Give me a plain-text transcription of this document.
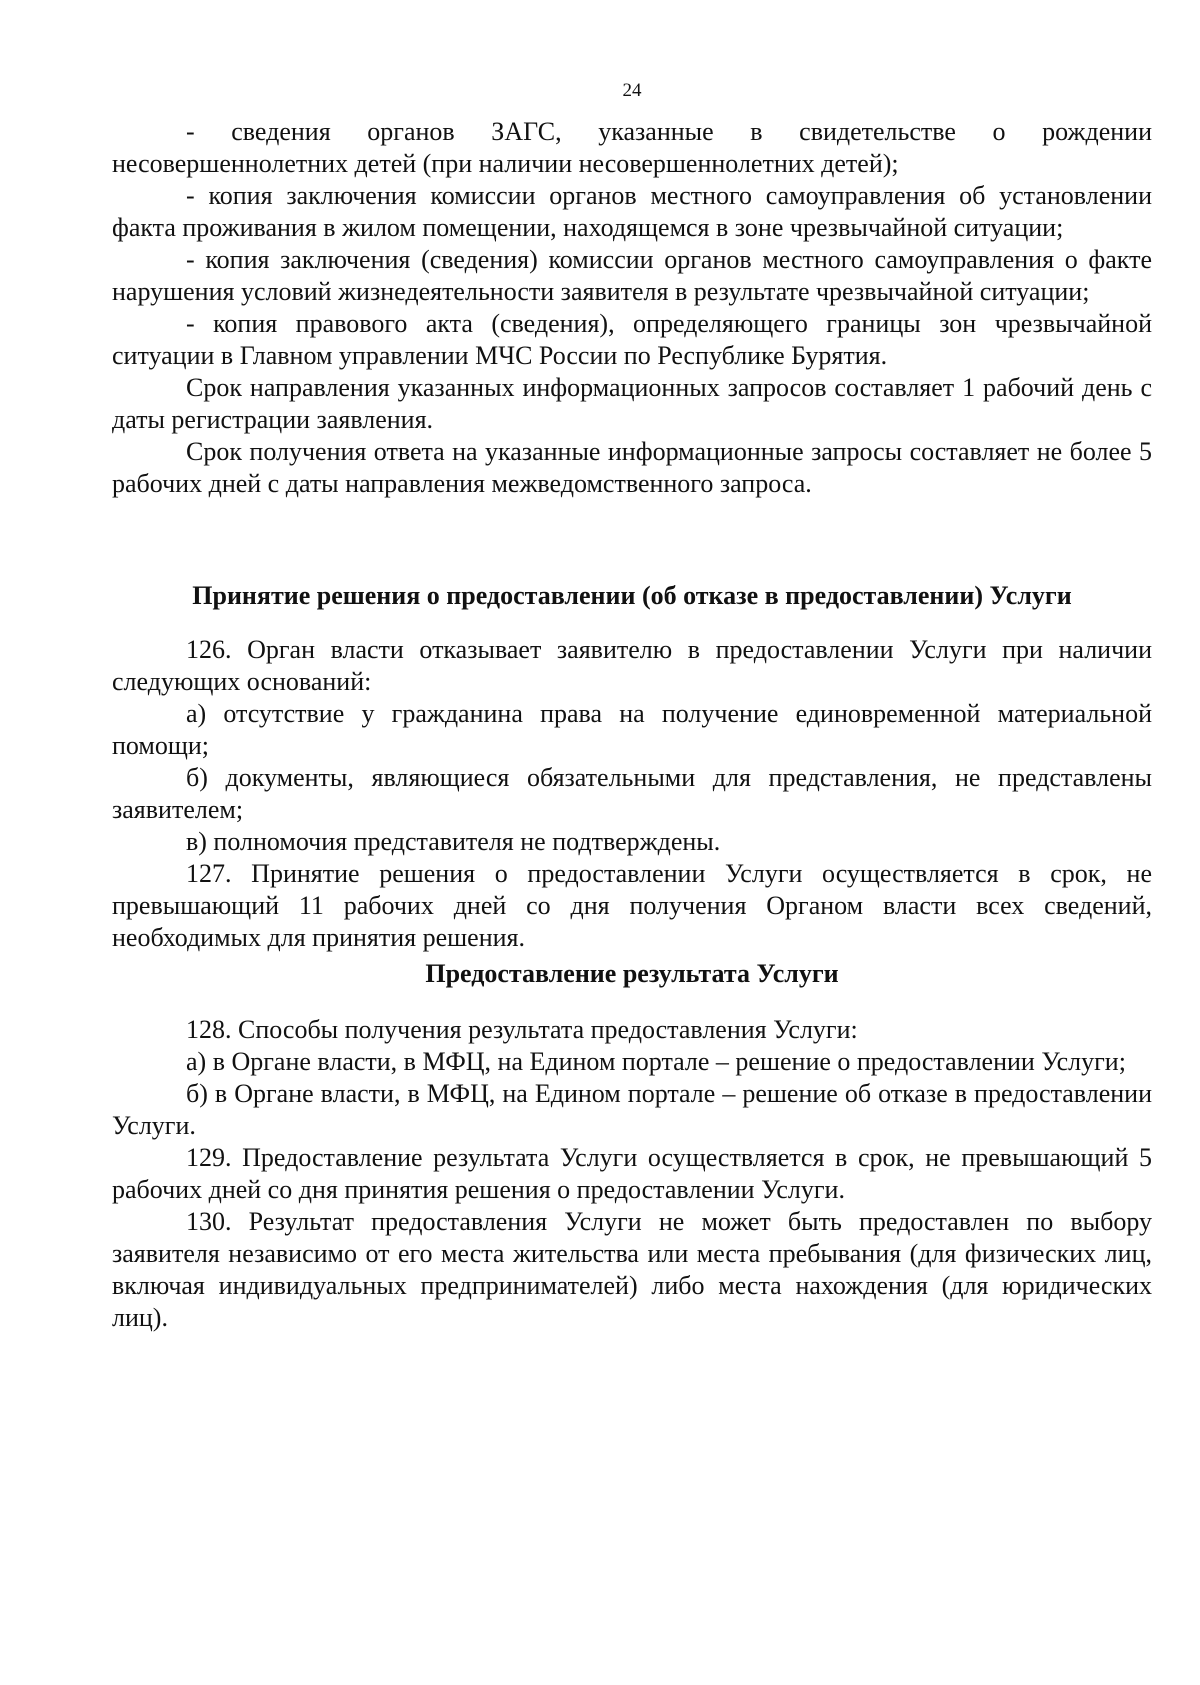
24

- сведения органов ЗАГС, указанные в свидетельстве о рождении несовершеннолетних детей (при наличии несовершеннолетних детей);

- копия заключения комиссии органов местного самоуправления об установлении факта проживания в жилом помещении, находящемся в зоне чрезвычайной ситуации;

- копия заключения (сведения) комиссии органов местного самоуправления о факте нарушения условий жизнедеятельности заявителя в результате чрезвычайной ситуации;

- копия правового акта (сведения), определяющего границы зон чрезвычайной ситуации в Главном управлении МЧС России по Республике Бурятия.

Срок направления указанных информационных запросов составляет 1 рабочий день с даты регистрации заявления.

Срок получения ответа на указанные информационные запросы составляет не более 5 рабочих дней с даты направления межведомственного запроса.

Принятие решения о предоставлении (об отказе в предоставлении) Услуги

126. Орган власти отказывает заявителю в предоставлении Услуги при наличии следующих оснований:

а) отсутствие у гражданина права на получение единовременной материальной помощи;

б) документы, являющиеся обязательными для представления, не представлены заявителем;

в) полномочия представителя не подтверждены.

127. Принятие решения о предоставлении Услуги осуществляется в срок, не превышающий 11 рабочих дней со дня получения Органом власти всех сведений, необходимых для принятия решения.

Предоставление результата Услуги

128. Способы получения результата предоставления Услуги:

а) в Органе власти, в МФЦ, на Едином портале – решение о предоставлении Услуги;

б) в Органе власти, в МФЦ, на Едином портале – решение об отказе в предоставлении Услуги.

129. Предоставление результата Услуги осуществляется в срок, не превышающий 5 рабочих дней со дня принятия решения о предоставлении Услуги.

130. Результат предоставления Услуги не может быть предоставлен по выбору заявителя независимо от его места жительства или места пребывания (для физических лиц, включая индивидуальных предпринимателей) либо места нахождения (для юридических лиц).
